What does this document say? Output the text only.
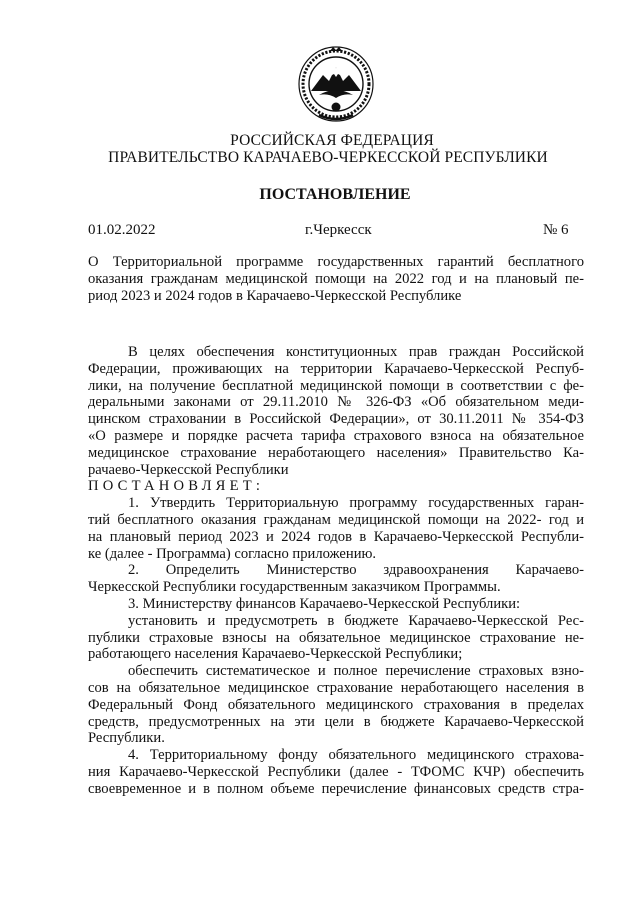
РОССИЙСКАЯ ФЕДЕРАЦИЯ
ПРАВИТЕЛЬСТВО КАРАЧАЕВО-ЧЕРКЕССКОЙ РЕСПУБЛИКИ
ПОСТАНОВЛЕНИЕ
01.02.2022	г.Черкесск	№ 6
О Территориальной программе государственных гарантий бесплатного
оказания гражданам медицинской помощи на 2022 год и на плановый пе-
риод 2023 и 2024 годов в Карачаево-Черкесской Республике
В целях обеспечения конституционных прав граждан Российской
Федерации, проживающих на территории Карачаево-Черкесской Респуб-
лики, на получение бесплатной медицинской помощи в соответствии с фе-
деральными законами от 29.11.2010 № 326-ФЗ «Об обязательном меди-
цинском страховании в Российской Федерации», от 30.11.2011 № 354-ФЗ
«О размере и порядке расчета тарифа страхового взноса на обязательное
медицинское страхование неработающего населения» Правительство Ка-
рачаево-Черкесской Республики
ПОСТАНОВЛЯЕТ:
1. Утвердить Территориальную программу государственных гаран-
тий бесплатного оказания гражданам медицинской помощи на 2022- год и
на плановый период 2023 и 2024 годов в Карачаево-Черкесской Республи-
ке (далее - Программа) согласно приложению.
2. Определить Министерство здравоохранения Карачаево-
Черкесской Республики государственным заказчиком Программы.
3. Министерству финансов Карачаево-Черкесской Республики:
установить и предусмотреть в бюджете Карачаево-Черкесской Рес-
публики страховые взносы на обязательное медицинское страхование не-
работающего населения Карачаево-Черкесской Республики;
обеспечить систематическое и полное перечисление страховых взно-
сов на обязательное медицинское страхование неработающего населения в
Федеральный Фонд обязательного медицинского страхования в пределах
средств, предусмотренных на эти цели в бюджете Карачаево-Черкесской
Республики.
4. Территориальному фонду обязательного медицинского страхова-
ния Карачаево-Черкесской Республики (далее - ТФОМС КЧР) обеспечить
своевременное и в полном объеме перечисление финансовых средств стра-
